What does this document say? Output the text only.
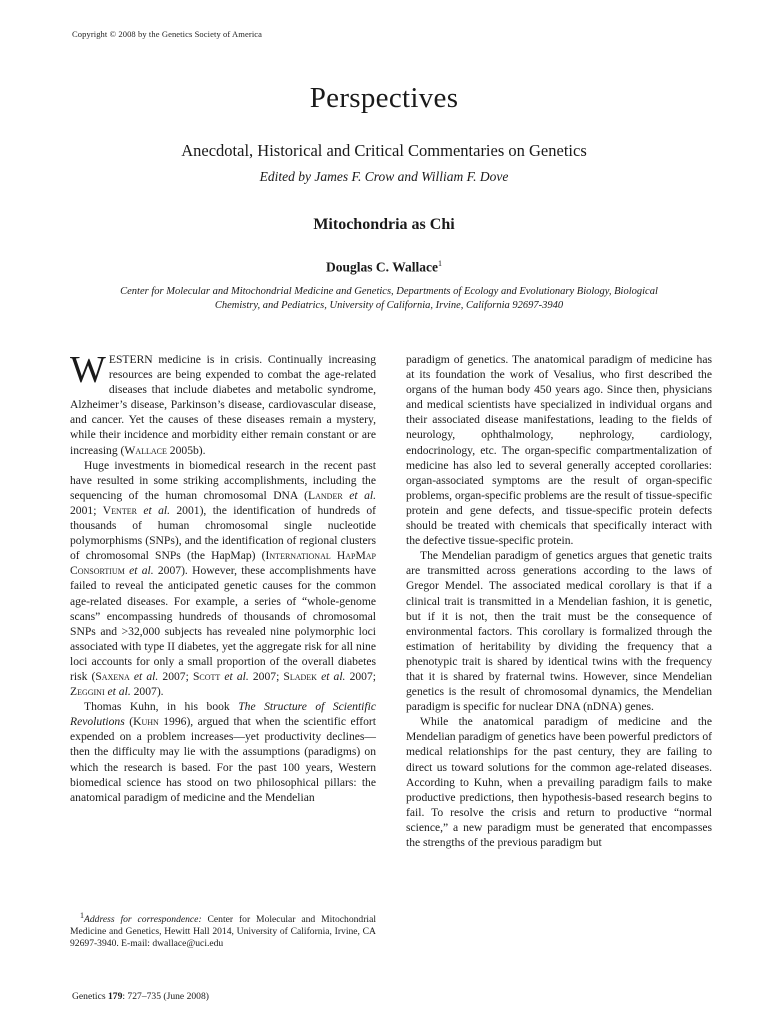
Copyright © 2008 by the Genetics Society of America
Perspectives
Anecdotal, Historical and Critical Commentaries on Genetics
Edited by James F. Crow and William F. Dove
Mitochondria as Chi
Douglas C. Wallace$^1$
Center for Molecular and Mitochondrial Medicine and Genetics, Departments of Ecology and Evolutionary Biology, Biological Chemistry, and Pediatrics, University of California, Irvine, California 92697-3940

WESTERN medicine is in crisis. Continually increasing resources are being expended to combat the age-related diseases that include diabetes and metabolic syndrome, Alzheimer’s disease, Parkinson’s disease, cardiovascular disease, and cancer. Yet the causes of these diseases remain a mystery, while their incidence and morbidity either remain constant or are increasing (Wallace 2005b).

Huge investments in biomedical research in the recent past have resulted in some striking accomplishments, including the sequencing of the human chromosomal DNA (Lander et al. 2001; Venter et al. 2001), the identification of hundreds of thousands of human chromosomal single nucleotide polymorphisms (SNPs), and the identification of regional clusters of chromosomal SNPs (the HapMap) (International HapMap Consortium et al. 2007). However, these accomplishments have failed to reveal the anticipated genetic causes for the common age-related diseases. For example, a series of “whole-genome scans” encompassing hundreds of thousands of chromosomal SNPs and >32,000 subjects has revealed nine polymorphic loci associated with type II diabetes, yet the aggregate risk for all nine loci accounts for only a small proportion of the overall diabetes risk (Saxena et al. 2007; Scott et al. 2007; Sladek et al. 2007; Zeggini et al. 2007).

Thomas Kuhn, in his book The Structure of Scientific Revolutions (Kuhn 1996), argued that when the scientific effort expended on a problem increases—yet productivity declines—then the difficulty may lie with the assumptions (paradigms) on which the research is based. For the past 100 years, Western biomedical science has stood on two philosophical pillars: the anatomical paradigm of medicine and the Mendelian

paradigm of genetics. The anatomical paradigm of medicine has at its foundation the work of Vesalius, who first described the organs of the human body 450 years ago. Since then, physicians and medical scientists have specialized in individual organs and their associated disease manifestations, leading to the fields of neurology, ophthalmology, nephrology, cardiology, endocrinology, etc. The organ-specific compartmentalization of medicine has also led to several generally accepted corollaries: organ-associated symptoms are the result of organ-specific problems, organ-specific problems are the result of tissue-specific protein and gene defects, and tissue-specific protein defects should be treated with chemicals that specifically interact with the defective tissue-specific protein.

The Mendelian paradigm of genetics argues that genetic traits are transmitted across generations according to the laws of Gregor Mendel. The associated medical corollary is that if a clinical trait is transmitted in a Mendelian fashion, it is genetic, but if it is not, then the trait must be the consequence of environmental factors. This corollary is formalized through the estimation of heritability by dividing the frequency that a phenotypic trait is shared by identical twins with the frequency that it is shared by fraternal twins. However, since Mendelian genetics is the result of chromosomal dynamics, the Mendelian paradigm is specific for nuclear DNA (nDNA) genes.

While the anatomical paradigm of medicine and the Mendelian paradigm of genetics have been powerful predictors of medical relationships for the past century, they are failing to direct us toward solutions for the common age-related diseases. According to Kuhn, when a prevailing paradigm fails to make productive predictions, then hypothesis-based research begins to fail. To resolve the crisis and return to productive “normal science,” a new paradigm must be generated that encompasses the strengths of the previous paradigm but

$^1$Address for correspondence: Center for Molecular and Mitochondrial Medicine and Genetics, Hewitt Hall 2014, University of California, Irvine, CA 92697-3940. E-mail: dwallace@uci.edu

Genetics 179: 727–735 (June 2008)
